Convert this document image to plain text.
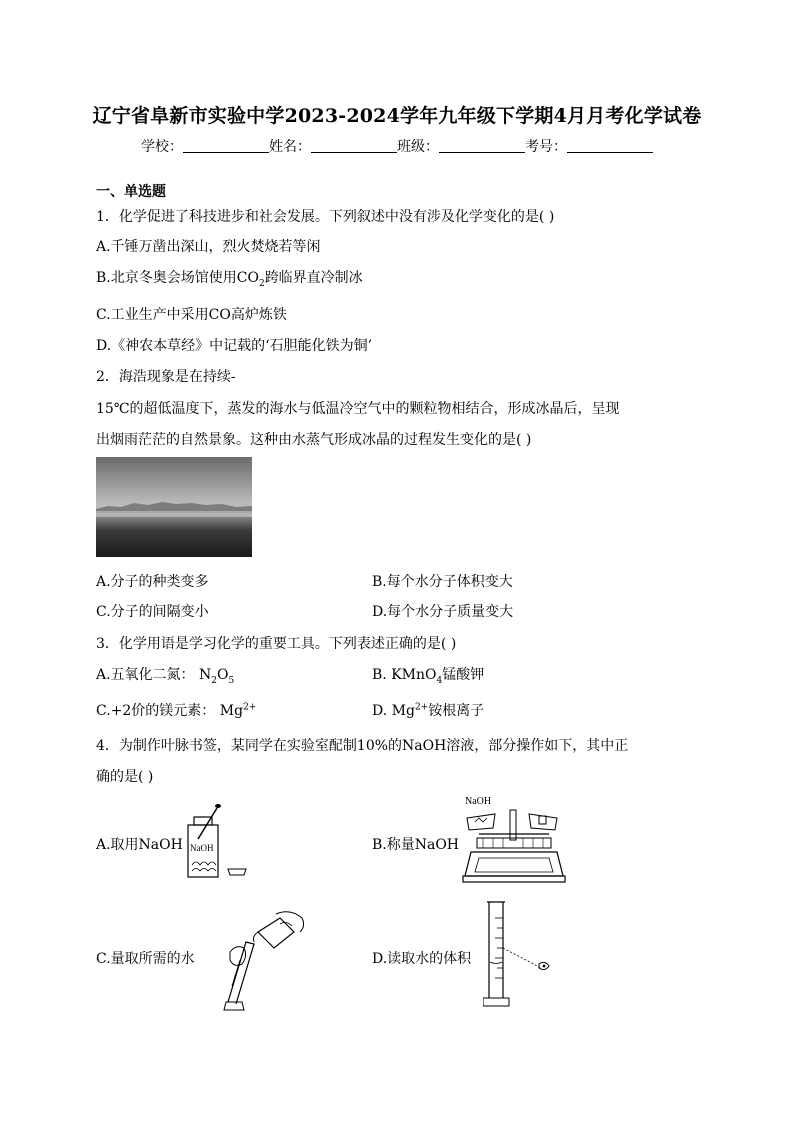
辽宁省阜新市实验中学2023-2024学年九年级下学期4月月考化学试卷
学校：	姓名：	班级：	考号：
一、单选题
1．化学促进了科技进步和社会发展。下列叙述中没有涉及化学变化的是( )
A.千锤万凿出深山，烈火焚烧若等闲
B.北京冬奥会场馆使用$CO_2$跨临界直冷制冰
C.工业生产中采用CO高炉炼铁
D.《神农本草经》中记载的‘石胆能化铁为铜’
2．海浩现象是在持续-
15℃的超低温度下，蒸发的海水与低温冷空气中的颗粒物相结合，形成冰晶后，呈现
出烟雨茫茫的自然景象。这种由水蒸气形成冰晶的过程发生变化的是( )
A.分子的种类变多	B.每个水分子体积变大
C.分子的间隔变小	D.每个水分子质量变大
3．化学用语是学习化学的重要工具。下列表述正确的是( )
A.五氧化二氮： $N_2O_5$	B. KMnO$_4$锰酸钾
C.+2价的镁元素： $Mg^{2+}$	D. $Mg^{2+}$铵根离子
4．为制作叶脉书签，某同学在实验室配制10%的NaOH溶液，部分操作如下，其中正
确的是( )
A.取用NaOH NaOH	B.称量NaOH
NaOH
C.量取所需的水	D.读取水的体积
